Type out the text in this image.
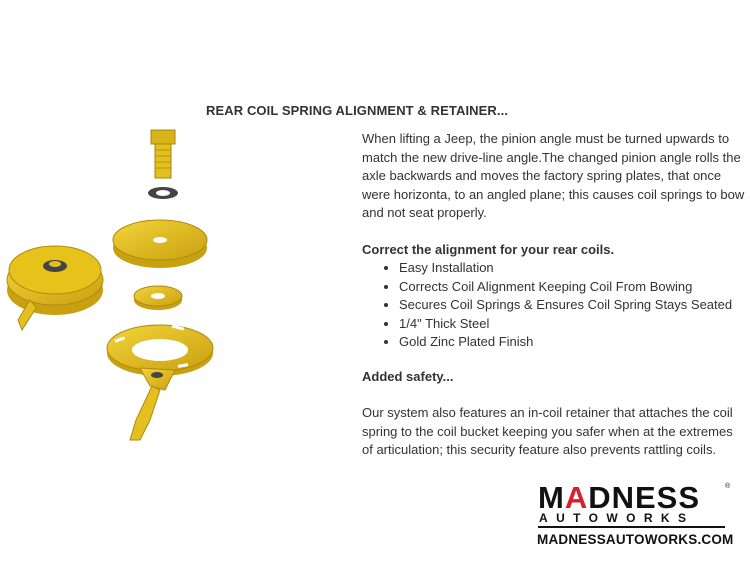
REAR COIL SPRING ALIGNMENT & RETAINER...

When lifting a Jeep, the pinion angle must be turned upwards to match the new drive-line angle.The changed pinion angle rolls the axle backwards and moves the factory spring plates, that once were horizonta, to an angled plane; this causes coil springs to bow and not seat properly.

Correct the alignment for your rear coils.

• Easy Installation
• Corrects Coil Alignment Keeping Coil From Bowing
• Secures Coil Springs & Ensures Coil Spring Stays Seated
• 1/4" Thick Steel
• Gold Zinc Plated Finish

Added safety...

Our system also features an in-coil retainer that attaches the coil spring to the coil bucket keeping you safer when at the extremes of articulation; this security feature also prevents rattling coils.

MADNESS	®
AUTOWORKS
MADNESSAUTOWORKS.COM
